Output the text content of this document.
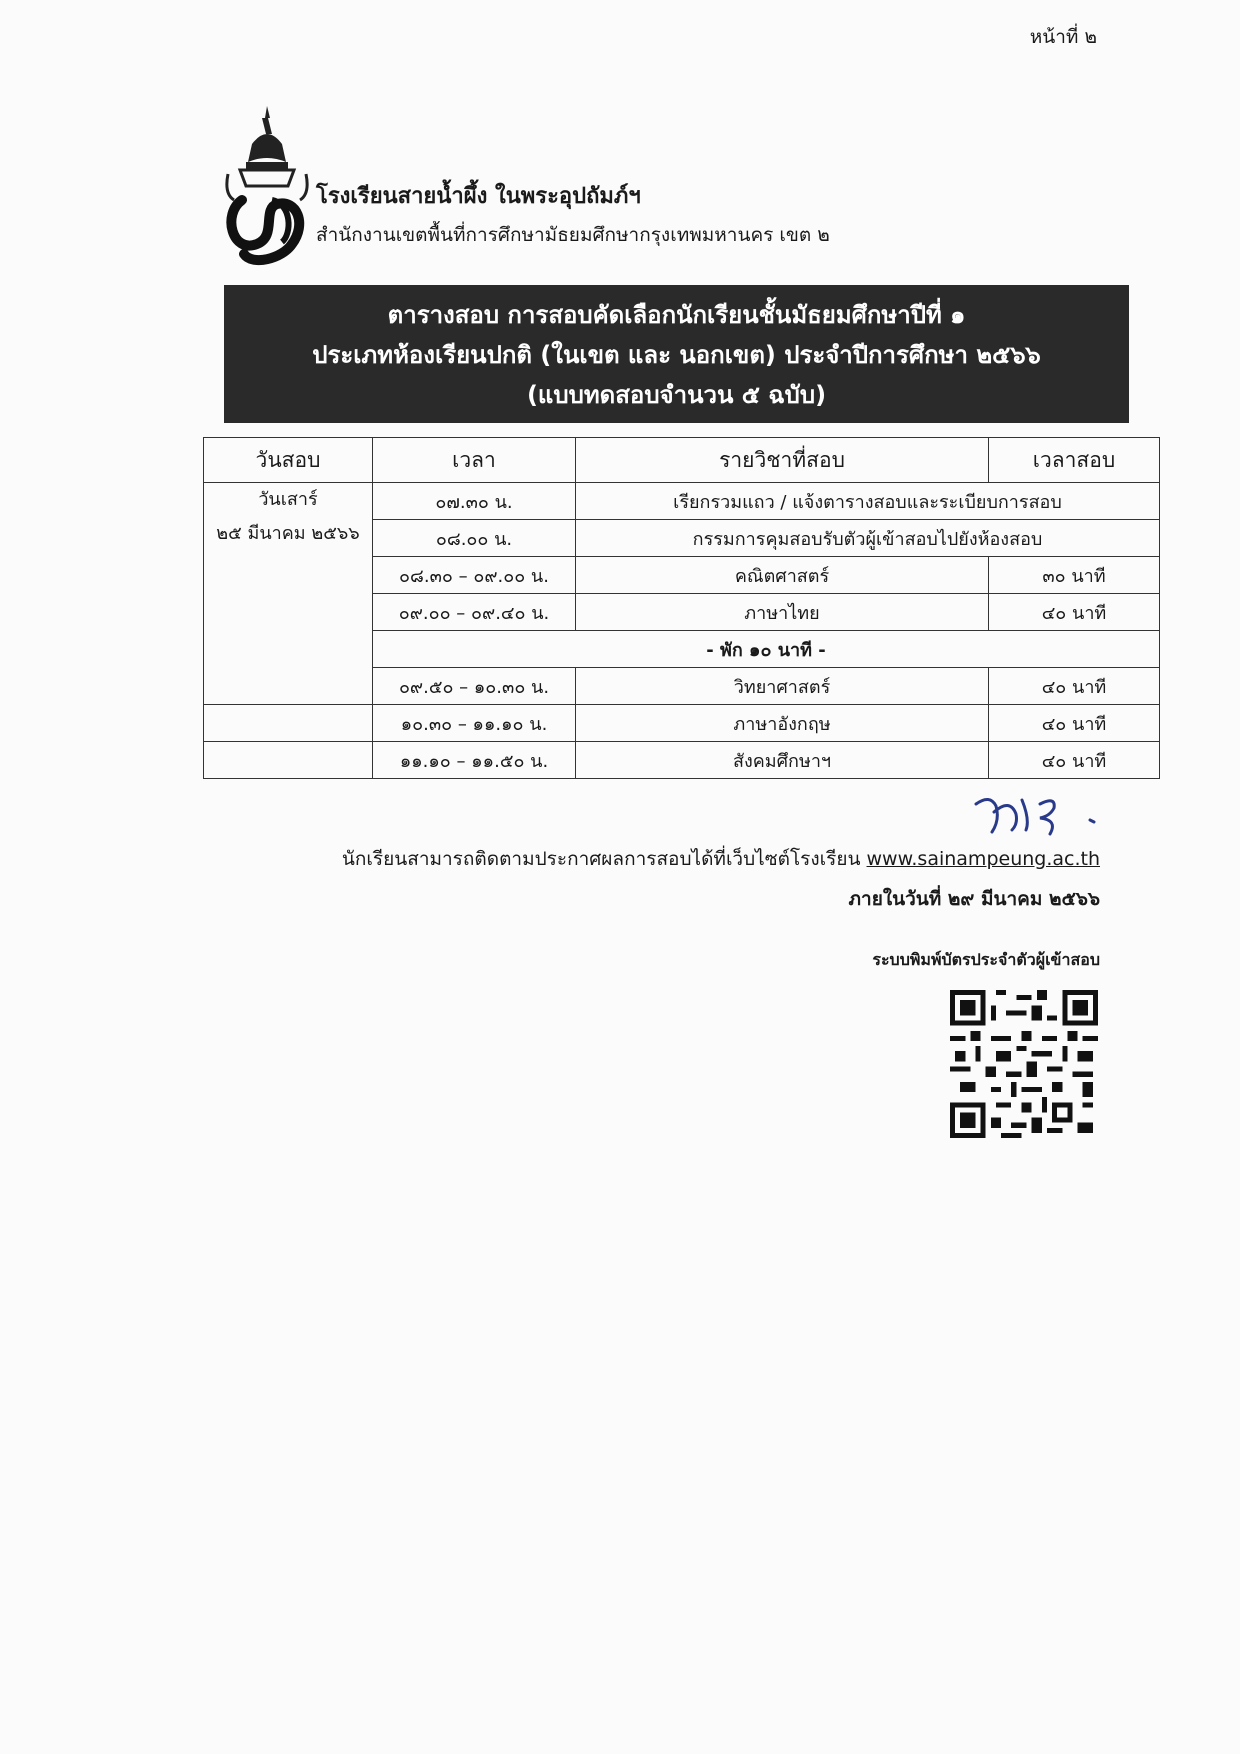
หน้าที่ ๒
โรงเรียนสายน้ำผึ้ง ในพระอุปถัมภ์ฯ
สำนักงานเขตพื้นที่การศึกษามัธยมศึกษากรุงเทพมหานคร เขต ๒
ตารางสอบ การสอบคัดเลือกนักเรียนชั้นมัธยมศึกษาปีที่ ๑
ประเภทห้องเรียนปกติ (ในเขต และ นอกเขต) ประจำปีการศึกษา ๒๕๖๖
(แบบทดสอบจำนวน ๕ ฉบับ)
วันสอบ	เวลา	รายวิชาที่สอบ	เวลาสอบ

วันเสาร์
๒๕ มีนาคม ๒๕๖๖	๐๗.๓๐ น.	เรียกรวมแถว / แจ้งตารางสอบและระเบียบการสอบ	
	๐๘.๐๐ น.	กรรมการคุมสอบรับตัวผู้เข้าสอบไปยังห้องสอบ	
	๐๘.๓๐ – ๐๙.๐๐ น.	คณิตศาสตร์	๓๐ นาที
	๐๙.๐๐ – ๐๙.๔๐ น.	ภาษาไทย	๔๐ นาที
	- พัก ๑๐ นาที -		
	๐๙.๕๐ – ๑๐.๓๐ น.	วิทยาศาสตร์	๔๐ นาที
	๑๐.๓๐ – ๑๑.๑๐ น.	ภาษาอังกฤษ	๔๐ นาที
	๑๑.๑๐ – ๑๑.๕๐ น.	สังคมศึกษาฯ	๔๐ นาที
นักเรียนสามารถติดตามประกาศผลการสอบได้ที่เว็บไซต์โรงเรียน www.sainampeung.ac.th
ภายในวันที่ ๒๙ มีนาคม ๒๕๖๖
ระบบพิมพ์บัตรประจำตัวผู้เข้าสอบ
